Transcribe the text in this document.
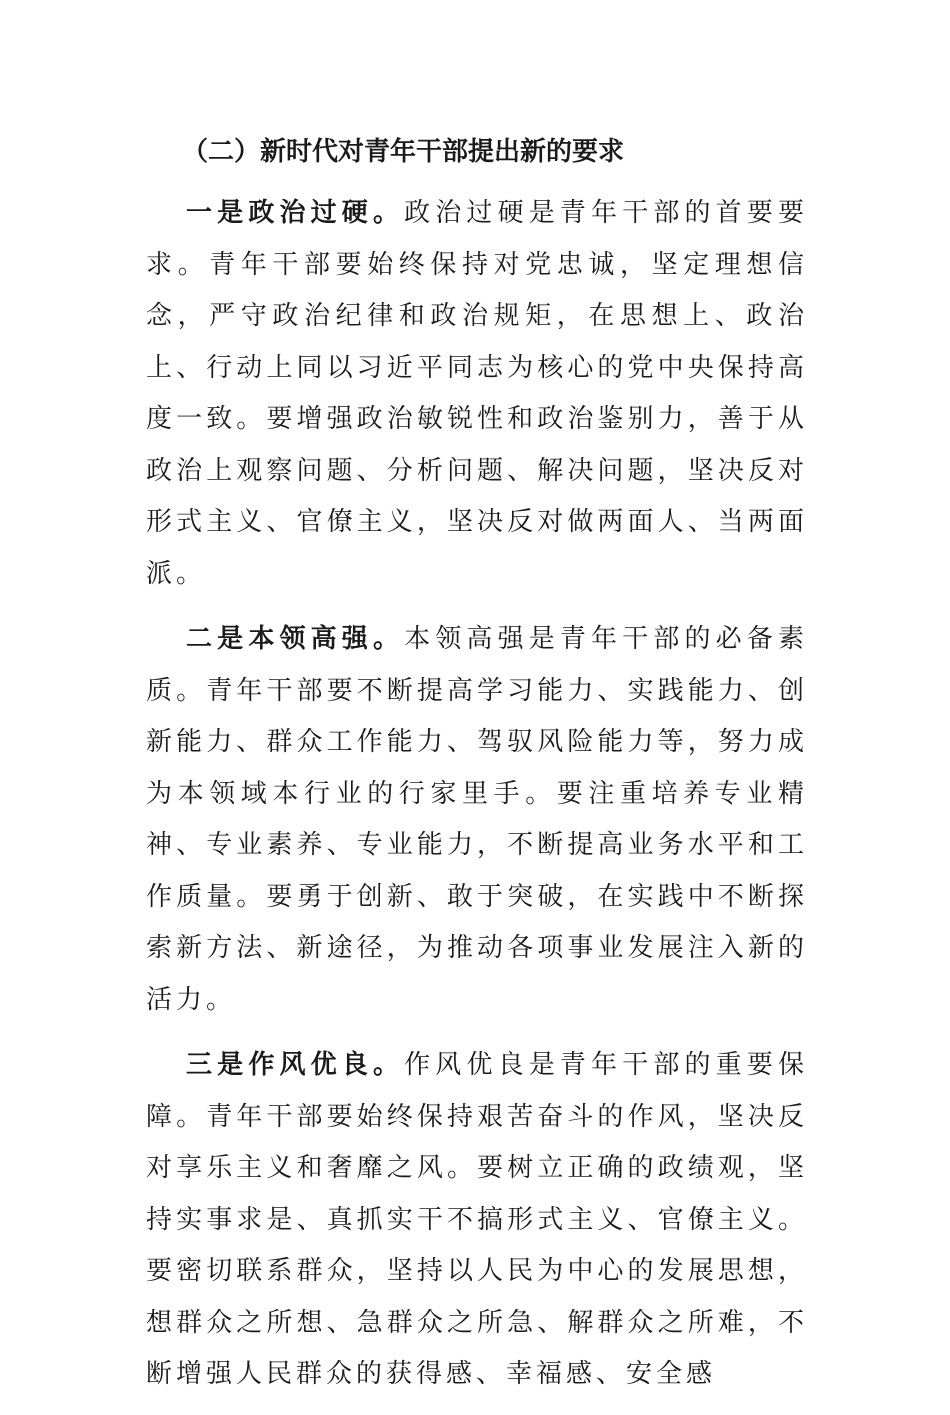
（二）新时代对青年干部提出新的要求

一是政治过硬。政治过硬是青年干部的首要要求。青年干部要始终保持对党忠诚，坚定理想信念，严守政治纪律和政治规矩，在思想上、政治上、行动上同以习近平同志为核心的党中央保持高度一致。要增强政治敏锐性和政治鉴别力，善于从政治上观察问题、分析问题、解决问题，坚决反对形式主义、官僚主义，坚决反对做两面人、当两面派。

二是本领高强。本领高强是青年干部的必备素质。青年干部要不断提高学习能力、实践能力、创新能力、群众工作能力、驾驭风险能力等，努力成为本领域本行业的行家里手。要注重培养专业精神、专业素养、专业能力，不断提高业务水平和工作质量。要勇于创新、敢于突破，在实践中不断探索新方法、新途径，为推动各项事业发展注入新的活力。

三是作风优良。作风优良是青年干部的重要保障。青年干部要始终保持艰苦奋斗的作风，坚决反对享乐主义和奢靡之风。要树立正确的政绩观，坚持实事求是、真抓实干不搞形式主义、官僚主义。要密切联系群众，坚持以人民为中心的发展思想，想群众之所想、急群众之所急、解群众之所难，不断增强人民群众的获得感、幸福感、安全感
